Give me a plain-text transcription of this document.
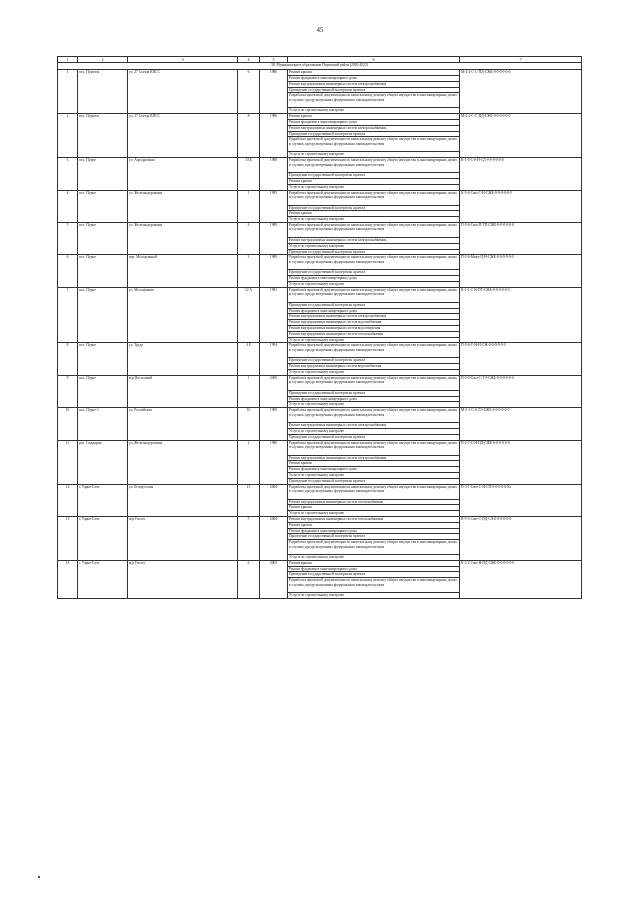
45
1	2	3	4	5	6	7
38. Муниципальное образование Пуровский район (2020-2022)						
1	пос. Пуровск	ул. 27 Съезда КПСС	6	1986	Ремонт крыши	М-2-2-С-С-ПД-СЖБ-0-0-0-0-0-0
					Ремонт фундамента многоквартирного дома	
					Ремонт внутридомовых инженерных систем электроснабжения	
					Проведение государственной экспертизы проекта	
					Разработка проектной документации по капитальному ремонту общего имущества в многоквартирных домах в случаях, предусмотренных федеральным законодательством	
					Услуги по строительному контролю	
2	пос. Пуровск	ул. 27 Съезда КПСС	8	1986	Ремонт крыши	М-2-2-С-С-ПД-СЖБ-0-0-0-0-0-0
					Ремонт фундамента многоквартирного дома	
					Ремонт внутридомовых инженерных систем электроснабжения	
					Проведение государственной экспертизы проекта	
					Разработка проектной документации по капитальному ремонту общего имущества в многоквартирных домах в случаях, предусмотренных федеральным законодательством	
					Услуги по строительному контролю	
3	пос. Пурпе	ул. Аэродромная	13 Б	1988	Разработка проектной документации по капитальному ремонту общего имущества в многоквартирных домах в случаях, предусмотренных федеральным законодательством	К-1-0-С-0-Н-СД-0-0-0-0-0-0
					Проведение государственной экспертизы проекта	
					Ремонт крыши	
					Услуги по строительному контролю	
4	пос. Пурпе	ул. Железнодорожная	1	1985	Разработка проектной документации по капитальному ремонту общего имущества в многоквартирных домах в случаях, предусмотренных федеральным законодательством	К-3-6-Сжп-С-Н-СЖБ-0-0-0-0-0-0
					Проведение государственной экспертизы проекта	
					Ремонт крыши	
					Услуги по строительному контролю	
5	пос. Пурпе	ул. Железнодорожная	4	1989	Разработка проектной документации по капитальному ремонту общего имущества в многоквартирных домах в случаях, предусмотренных федеральным законодательством	П-5-6-Сжп-П-ТП-СЖБ-0-0-0-0-0-0
					Ремонт внутридомовых инженерных систем электроснабжения	
					Услуги по строительному контролю	
					Проведение государственной экспертизы проекта	
6	пос. Пурпе	пер. Молодежный	3	1989	Разработка проектной документации по капитальному ремонту общего имущества в многоквартирных домах в случаях, предусмотренных федеральным законодательством	П-2-6-Мпкт-Ц-Н-СЖБ-0-0-0-0-0-0
					Проведение государственной экспертизы проекта	
					Ремонт фундамента многоквартирного дома	
					Услуги по строительному контролю	
7	пос. Пурпе	ул. Молодёжная	12 А	1981	Разработка проектной документации по капитальному ремонту общего имущества в многоквартирных домах в случаях, предусмотренных федеральным законодательством	К-2-1-С-Н-ПТ-СЖБ-0-0-0-0-0-0
					Проведение государственной экспертизы проекта	
					Ремонт фундамента многоквартирного дома	
					Ремонт внутридомовых инженерных систем электроснабжения	
					Ремонт внутридомовых инженерных систем водоснабжения	
					Ремонт внутридомовых инженерных систем водоотведения	
					Ремонт внутридомовых инженерных систем теплоснабжения	
					Услуги по строительному контролю	
8	пос. Пурпе	ул. Труда	4 Б	1994	Разработка проектной документации по капитальному ремонту общего имущества в многоквартирных домах в случаях, предусмотренных федеральным законодательством	П-5-6-С-Н-Н-СЖ-0-0-0-0-0-0
					Проведение государственной экспертизы проекта	
					Ремонт внутридомовых инженерных систем водоснабжения	
					Услуги по строительному контролю	
9	пос. Пурпе	м/р Восточный	1	2006	Разработка проектной документации по капитальному ремонту общего имущества в многоквартирных домах в случаях, предусмотренных федеральным законодательством	П-5-6-Сжп-С-ТЭ-СЖБ-0-0-0-0-0-0
					Проведение государственной экспертизы проекта	
					Ремонт фундамента многоквартирного дома	
					Услуги по строительному контролю	
10	пос. Пурпе-1	ул. Российская	10	1999	Разработка проектной документации по капитальному ремонту общего имущества в многоквартирных домах в случаях, предусмотренных федеральным законодательством	М-2-1-С-0-ТЭ-СЖБ-0-0-0-0-0-0
					Ремонт внутридомовых инженерных систем электроснабжения	
					Услуги по строительному контролю	
					Проведение государственной экспертизы проекта	
11	рсп. Сывдарма	ул. Железнодорожная	2	1986	Разработка проектной документации по капитальному ремонту общего имущества в многоквартирных домах в случаях, предусмотренных федеральным законодательством	П-2-7-С-Н-ПД-СЖБ-0-0-0-0-0-0
					Ремонт внутридомовых инженерных систем электроснабжения	
					Ремонт крыши	
					Ремонт фундамента многоквартирного дома	
					Услуги по строительному контролю	
					Проведение государственной экспертизы проекта	
12	г. Тарко-Сале	ул. Белорусская	15	2004	Разработка проектной документации по капитальному ремонту общего имущества в многоквартирных домах в случаях, предусмотренных федеральным законодательством	П-3-1-Сжп-С-Н-СП-0-0-0-0-0-Кз
					Ремонт внутридомовых инженерных систем теплоснабжения	
					Ремонт крыши	
					Услуги по строительному контролю	
13	г. Тарко-Сале	м/р Геолог	5	2004	Ремонт внутридомовых инженерных систем теплоснабжения	К-9-3-Сжп-С-ПД-СЛ-0-0-0-0-0-0
					Ремонт крыши	
					Ремонт фундамента многоквартирного дома	
					Проведение государственной экспертизы проекта	
					Разработка проектной документации по капитальному ремонту общего имущества в многоквартирных домах в случаях, предусмотренных федеральным законодательством	
					Услуги по строительному контролю	
14	г. Тарко-Сале	м/р Геолог	6	2003	Ремонт крыши	К-3-2-Сжп-Н-ПД-СЖБ-0-0-0-0-0-0
					Ремонт фундамента многоквартирного дома	
					Проведение государственной экспертизы проекта	
					Разработка проектной документации по капитальному ремонту общего имущества в многоквартирных домах в случаях, предусмотренных федеральным законодательством	
					Услуги по строительному контролю	
